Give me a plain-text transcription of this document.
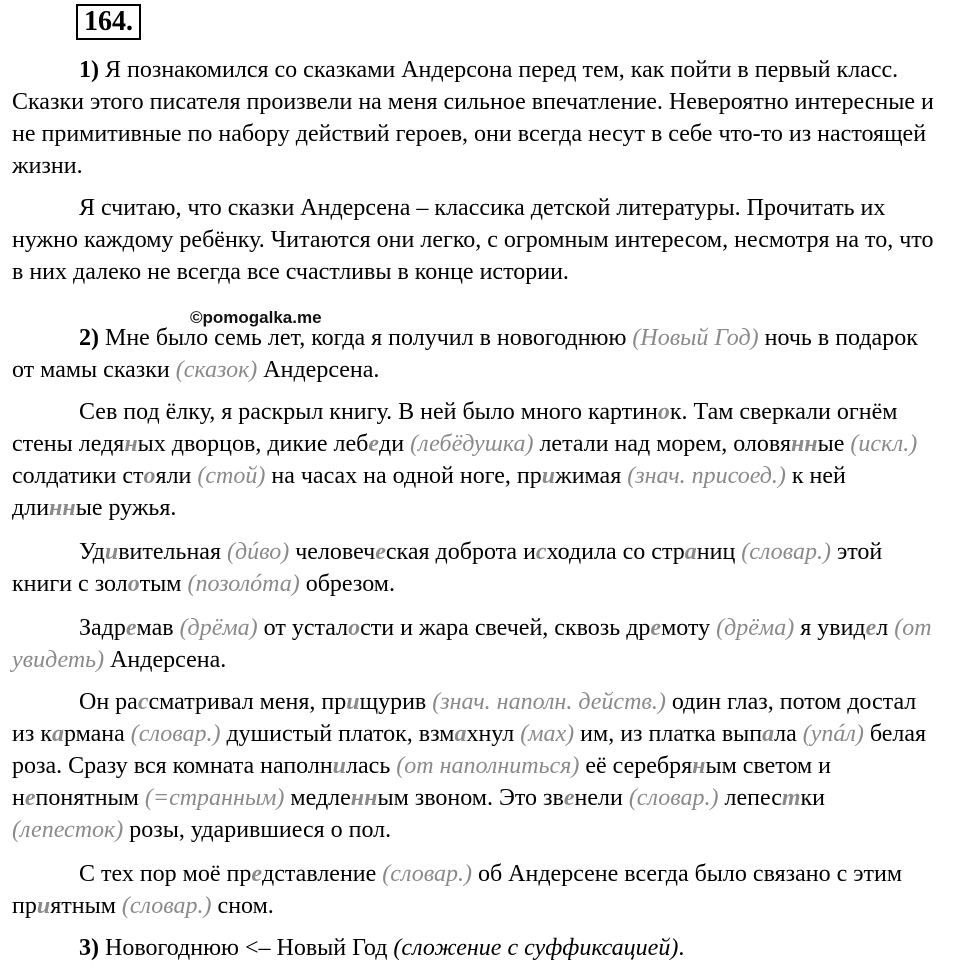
164.
©pomogalka.me

1) Я познакомился со сказками Андерсона перед тем, как пойти в первый класс. Сказки этого писателя произвели на меня сильное впечатление. Невероятно интересные и не примитивные по набору действий героев, они всегда несут в себе что-то из настоящей жизни.

Я считаю, что сказки Андерсена – классика детской литературы. Прочитать их нужно каждому ребёнку. Читаются они легко, с огромным интересом, несмотря на то, что в них далеко не всегда все счастливы в конце истории.

2) Мне было семь лет, когда я получил в новогоднюю (Новый Год) ночь в подарок от мамы сказки (сказок) Андерсена.

Сев под ёлку, я раскрыл книгу. В ней было много картинок. Там сверкали огнём стены ледяных дворцов, дикие лебеди (лебёдушка) летали над морем, оловянные (искл.) солдатики стояли (стой) на часах на одной ноге, прижимая (знач. присоед.) к ней длинные ружья.

Удивительная (дúво) человеческая доброта исходила со страниц (словар.) этой книги с золотым (позолóта) обрезом.

Задремав (дрёма) от усталости и жара свечей, сквозь дремоту (дрёма) я увидел (от увидеть) Андерсена.

Он рассматривал меня, прищурив (знач. наполн. действ.) один глаз, потом достал из кармана (словар.) душистый платок, взмахнул (мах) им, из платка выпала (упáл) белая роза. Сразу вся комната наполнилась (от наполниться) её серебряным светом и непонятным (=странным) медленным звоном. Это звенели (словар.) лепестки (лепесток) розы, ударившиеся о пол.

С тех пор моё представление (словар.) об Андерсене всегда было связано с этим приятным (словар.) сном.

3) Новогоднюю <– Новый Год (сложение с суффиксацией).
